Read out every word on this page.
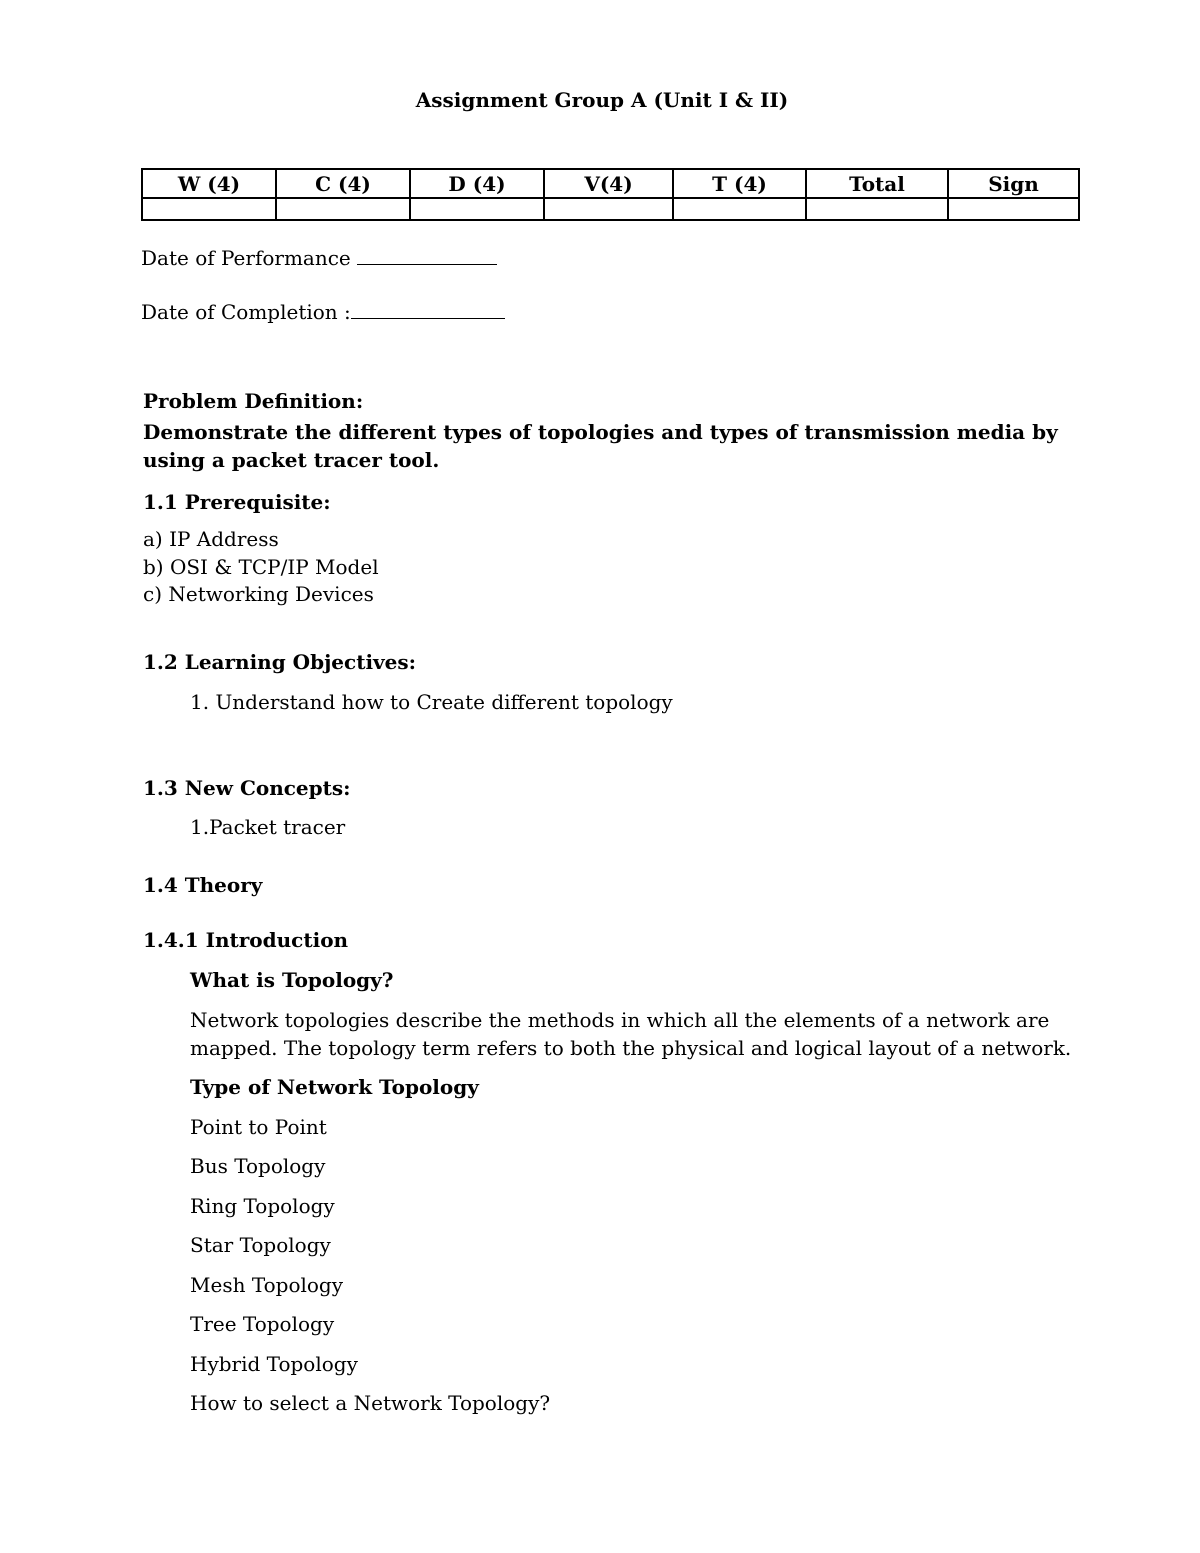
Assignment Group A (Unit I & II)
W (4)	C (4)	D (4)	V(4)	T (4)	Total	Sign

Date of Performance
Date of Completion :
Problem Definition:
Demonstrate the different types of topologies and types of transmission media by
using a packet tracer tool.
1.1 Prerequisite:
a) IP Address
b) OSI & TCP/IP Model
c) Networking Devices
1.2 Learning Objectives:
1. Understand how to Create different topology
1.3 New Concepts:
1.Packet tracer
1.4 Theory
1.4.1 Introduction
What is Topology?
Network topologies describe the methods in which all the elements of a network are
mapped. The topology term refers to both the physical and logical layout of a network.
Type of Network Topology
Point to Point
Bus Topology
Ring Topology
Star Topology
Mesh Topology
Tree Topology
Hybrid Topology
How to select a Network Topology?
